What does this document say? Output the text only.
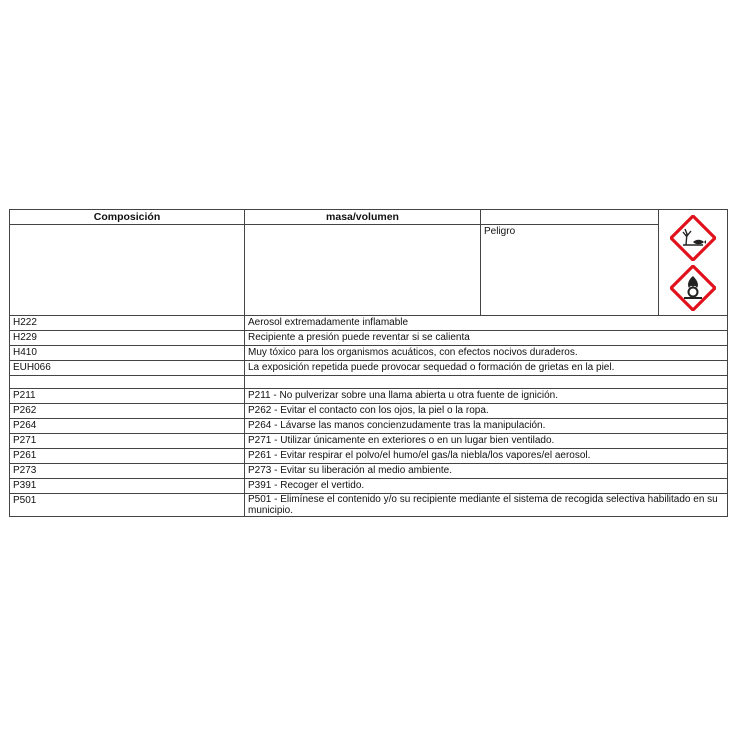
Composición	masa/volumen		

		Peligro	
H222	Aerosol extremadamente inflamable		
H229	Recipiente a presión puede reventar si se calienta		
H410	Muy tóxico para los organismos acuáticos, con efectos nocivos duraderos.		
EUH066	La exposición repetida puede provocar sequedad o formación de grietas en la piel.		

P211	P211 - No pulverizar sobre una llama abierta u otra fuente de ignición.		
P262	P262 - Evitar el contacto con los ojos, la piel o la ropa.		
P264	P264 - Lávarse las manos concienzudamente tras la manipulación.		
P271	P271 - Utilizar únicamente en exteriores o en un lugar bien ventilado.		
P261	P261 - Evitar respirar el polvo/el humo/el gas/la niebla/los vapores/el aerosol.		
P273	P273 - Evitar su liberación al medio ambiente.		
P391	P391 - Recoger el vertido.		
P501	P501 - Elimínese el contenido y/o su recipiente mediante el sistema de recogida selectiva habilitado en su municipio.		
